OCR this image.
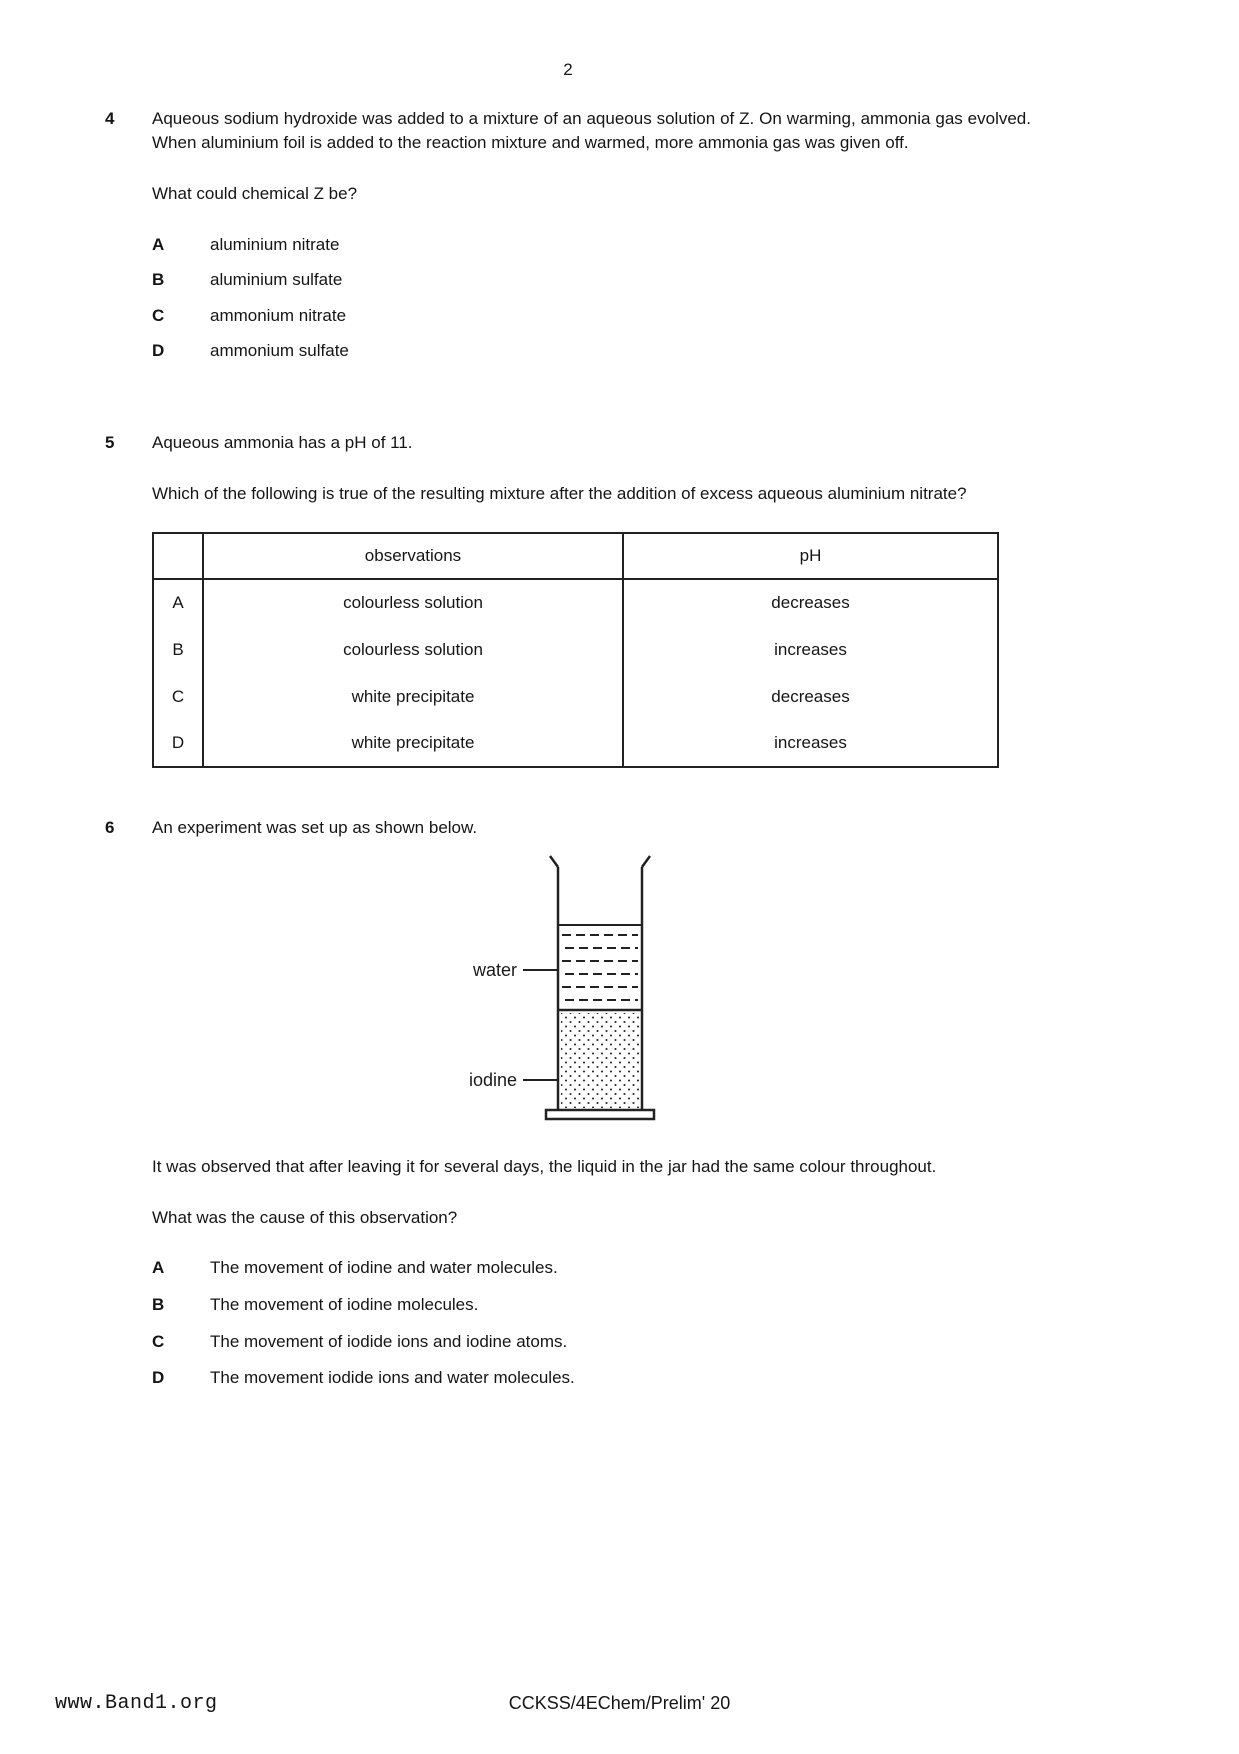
2
4	Aqueous sodium hydroxide was added to a mixture of an aqueous solution of Z. On warming, ammonia gas evolved. When aluminium foil is added to the reaction mixture and warmed, more ammonia gas was given off.

What could chemical Z be?

A	aluminium nitrate
B	aluminium sulfate
C	ammonium nitrate
D	ammonium sulfate
5	Aqueous ammonia has a pH of 11.

Which of the following is true of the resulting mixture after the addition of excess aqueous aluminium nitrate?

	observations	pH
A	colourless solution	decreases
B	colourless solution	increases
C	white precipitate	decreases
D	white precipitate	increases
6	An experiment was set up as shown below.

water
iodine

It was observed that after leaving it for several days, the liquid in the jar had the same colour throughout.

What was the cause of this observation?

A	The movement of iodine and water molecules.
B	The movement of iodine molecules.
C	The movement of iodide ions and iodine atoms.
D	The movement iodide ions and water molecules.
www.Band1.org	CCKSS/4EChem/Prelim' 20
